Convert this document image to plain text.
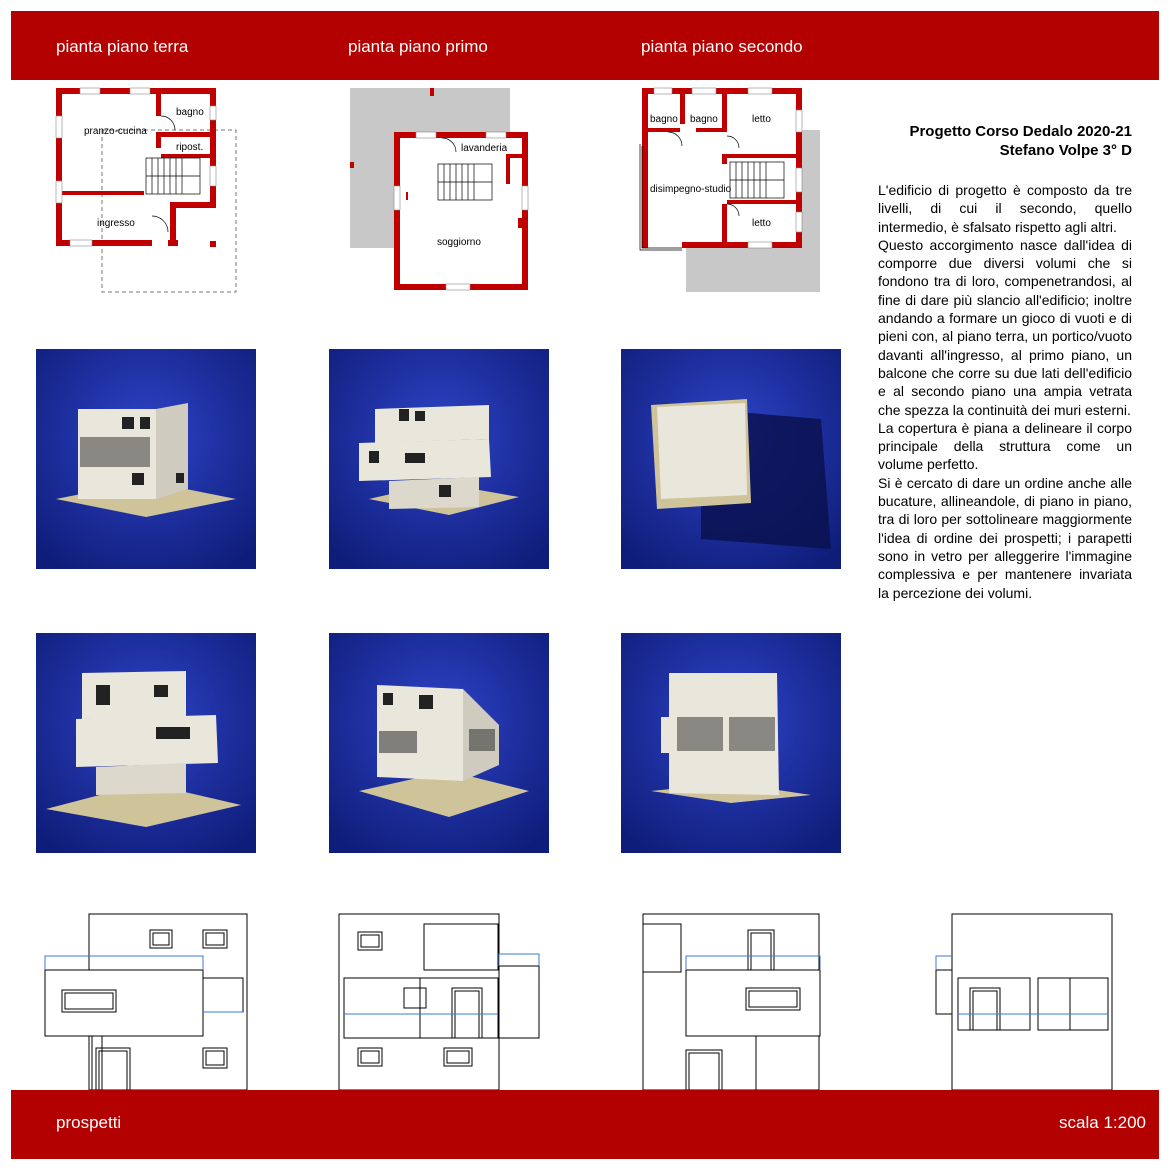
pianta piano terra	pianta piano primo	pianta piano secondo
pranzo-cucina
bagno
ripost.
ingresso
lavanderia
soggiorno
bagno bagno	letto
disimpegno-studio
letto
Progetto Corso Dedalo 2020-21
Stefano Volpe 3° D

L'edificio di progetto è composto da tre livelli, di cui il secondo, quello intermedio, è sfalsato rispetto agli altri.

Questo accorgimento nasce dall'idea di comporre due diversi volumi che si fondono tra di loro, compenetrandosi, al fine di dare più slancio all'edificio; inoltre andando a formare un gioco di vuoti e di pieni con, al piano terra, un portico/vuoto davanti all'ingresso, al primo piano, un balcone che corre su due lati dell'edificio e al secondo piano una ampia vetrata che spezza la continuità dei muri esterni.

La copertura è piana a delineare il corpo principale della struttura come un volume perfetto.

Si è cercato di dare un ordine anche alle bucature, allineandole, di piano in piano, tra di loro per sottolineare maggiormente l'idea di ordine dei prospetti; i parapetti sono in vetro per alleggerire l'immagine complessiva e per mantenere invariata la percezione dei volumi.

prospetti	scala 1:200
